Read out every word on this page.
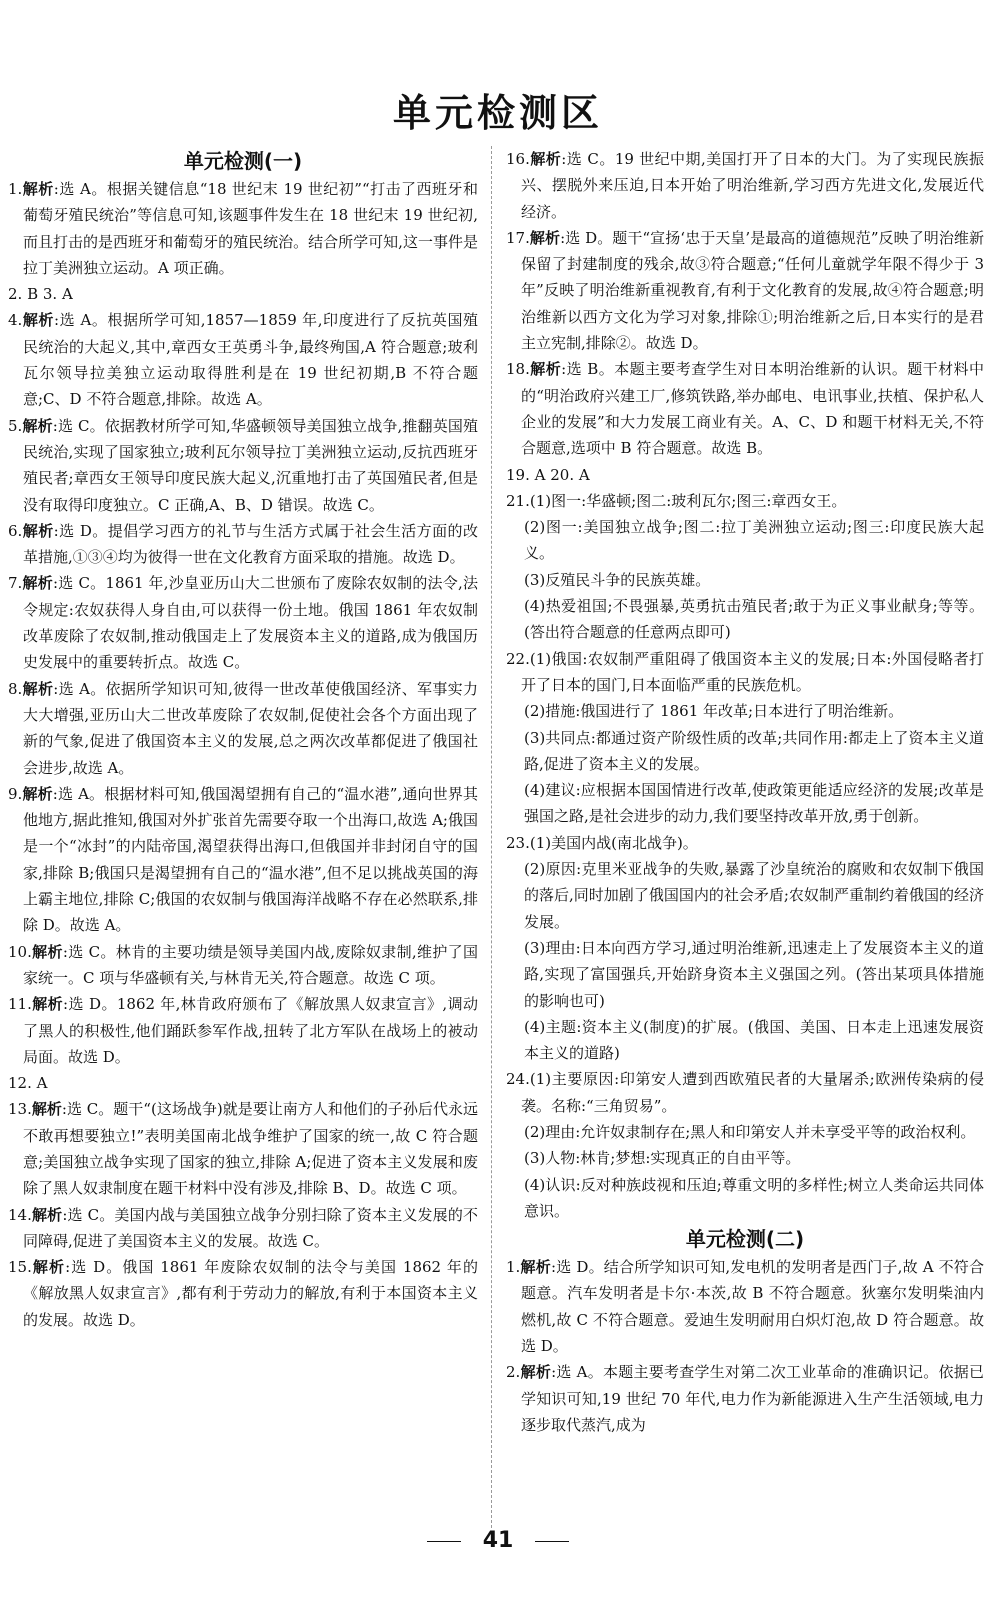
单元检测区
单元检测(一)

1.解析:选 A。根据关键信息“18 世纪末 19 世纪初”“打击了西班牙和葡萄牙殖民统治”等信息可知,该题事件发生在 18 世纪末 19 世纪初,而且打击的是西班牙和葡萄牙的殖民统治。结合所学可知,这一事件是拉丁美洲独立运动。A 项正确。

2. B 3. A

4.解析:选 A。根据所学可知,1857—1859 年,印度进行了反抗英国殖民统治的大起义,其中,章西女王英勇斗争,最终殉国,A 符合题意;玻利瓦尔领导拉美独立运动取得胜利是在 19 世纪初期,B 不符合题意;C、D 不符合题意,排除。故选 A。

5.解析:选 C。依据教材所学可知,华盛顿领导美国独立战争,推翻英国殖民统治,实现了国家独立;玻利瓦尔领导拉丁美洲独立运动,反抗西班牙殖民者;章西女王领导印度民族大起义,沉重地打击了英国殖民者,但是没有取得印度独立。C 正确,A、B、D 错误。故选 C。

6.解析:选 D。提倡学习西方的礼节与生活方式属于社会生活方面的改革措施,①③④均为彼得一世在文化教育方面采取的措施。故选 D。

7.解析:选 C。1861 年,沙皇亚历山大二世颁布了废除农奴制的法令,法令规定:农奴获得人身自由,可以获得一份土地。俄国 1861 年农奴制改革废除了农奴制,推动俄国走上了发展资本主义的道路,成为俄国历史发展中的重要转折点。故选 C。

8.解析:选 A。依据所学知识可知,彼得一世改革使俄国经济、军事实力大大增强,亚历山大二世改革废除了农奴制,促使社会各个方面出现了新的气象,促进了俄国资本主义的发展,总之两次改革都促进了俄国社会进步,故选 A。

9.解析:选 A。根据材料可知,俄国渴望拥有自己的“温水港”,通向世界其他地方,据此推知,俄国对外扩张首先需要夺取一个出海口,故选 A;俄国是一个“冰封”的内陆帝国,渴望获得出海口,但俄国并非封闭自守的国家,排除 B;俄国只是渴望拥有自己的“温水港”,但不足以挑战英国的海上霸主地位,排除 C;俄国的农奴制与俄国海洋战略不存在必然联系,排除 D。故选 A。

10.解析:选 C。林肯的主要功绩是领导美国内战,废除奴隶制,维护了国家统一。C 项与华盛顿有关,与林肯无关,符合题意。故选 C 项。

11.解析:选 D。1862 年,林肯政府颁布了《解放黑人奴隶宣言》,调动了黑人的积极性,他们踊跃参军作战,扭转了北方军队在战场上的被动局面。故选 D。

12. A

13.解析:选 C。题干“(这场战争)就是要让南方人和他们的子孙后代永远不敢再想要独立!”表明美国南北战争维护了国家的统一,故 C 符合题意;美国独立战争实现了国家的独立,排除 A;促进了资本主义发展和废除了黑人奴隶制度在题干材料中没有涉及,排除 B、D。故选 C 项。

14.解析:选 C。美国内战与美国独立战争分别扫除了资本主义发展的不同障碍,促进了美国资本主义的发展。故选 C。

15.解析:选 D。俄国 1861 年废除农奴制的法令与美国 1862 年的《解放黑人奴隶宣言》,都有利于劳动力的解放,有利于本国资本主义的发展。故选 D。

16.解析:选 C。19 世纪中期,美国打开了日本的大门。为了实现民族振兴、摆脱外来压迫,日本开始了明治维新,学习西方先进文化,发展近代经济。

17.解析:选 D。题干“宣扬‘忠于天皇’是最高的道德规范”反映了明治维新保留了封建制度的残余,故③符合题意;“任何儿童就学年限不得少于 3 年”反映了明治维新重视教育,有利于文化教育的发展,故④符合题意;明治维新以西方文化为学习对象,排除①;明治维新之后,日本实行的是君主立宪制,排除②。故选 D。

18.解析:选 B。本题主要考查学生对日本明治维新的认识。题干材料中的“明治政府兴建工厂,修筑铁路,举办邮电、电讯事业,扶植、保护私人企业的发展”和大力发展工商业有关。A、C、D 和题干材料无关,不符合题意,选项中 B 符合题意。故选 B。

19. A 20. A

21.(1)图一:华盛顿;图二:玻利瓦尔;图三:章西女王。

(2)图一:美国独立战争;图二:拉丁美洲独立运动;图三:印度民族大起义。

(3)反殖民斗争的民族英雄。

(4)热爱祖国;不畏强暴,英勇抗击殖民者;敢于为正义事业献身;等等。(答出符合题意的任意两点即可)

22.(1)俄国:农奴制严重阻碍了俄国资本主义的发展;日本:外国侵略者打开了日本的国门,日本面临严重的民族危机。

(2)措施:俄国进行了 1861 年改革;日本进行了明治维新。

(3)共同点:都通过资产阶级性质的改革;共同作用:都走上了资本主义道路,促进了资本主义的发展。

(4)建议:应根据本国国情进行改革,使政策更能适应经济的发展;改革是强国之路,是社会进步的动力,我们要坚持改革开放,勇于创新。

23.(1)美国内战(南北战争)。

(2)原因:克里米亚战争的失败,暴露了沙皇统治的腐败和农奴制下俄国的落后,同时加剧了俄国国内的社会矛盾;农奴制严重制约着俄国的经济发展。

(3)理由:日本向西方学习,通过明治维新,迅速走上了发展资本主义的道路,实现了富国强兵,开始跻身资本主义强国之列。(答出某项具体措施的影响也可)

(4)主题:资本主义(制度)的扩展。(俄国、美国、日本走上迅速发展资本主义的道路)

24.(1)主要原因:印第安人遭到西欧殖民者的大量屠杀;欧洲传染病的侵袭。名称:“三角贸易”。

(2)理由:允许奴隶制存在;黑人和印第安人并未享受平等的政治权利。

(3)人物:林肯;梦想:实现真正的自由平等。

(4)认识:反对种族歧视和压迫;尊重文明的多样性;树立人类命运共同体意识。

单元检测(二)

1.解析:选 D。结合所学知识可知,发电机的发明者是西门子,故 A 不符合题意。汽车发明者是卡尔·本茨,故 B 不符合题意。狄塞尔发明柴油内燃机,故 C 不符合题意。爱迪生发明耐用白炽灯泡,故 D 符合题意。故选 D。

2.解析:选 A。本题主要考查学生对第二次工业革命的准确识记。依据已学知识可知,19 世纪 70 年代,电力作为新能源进入生产生活领域,电力逐步取代蒸汽,成为

41
